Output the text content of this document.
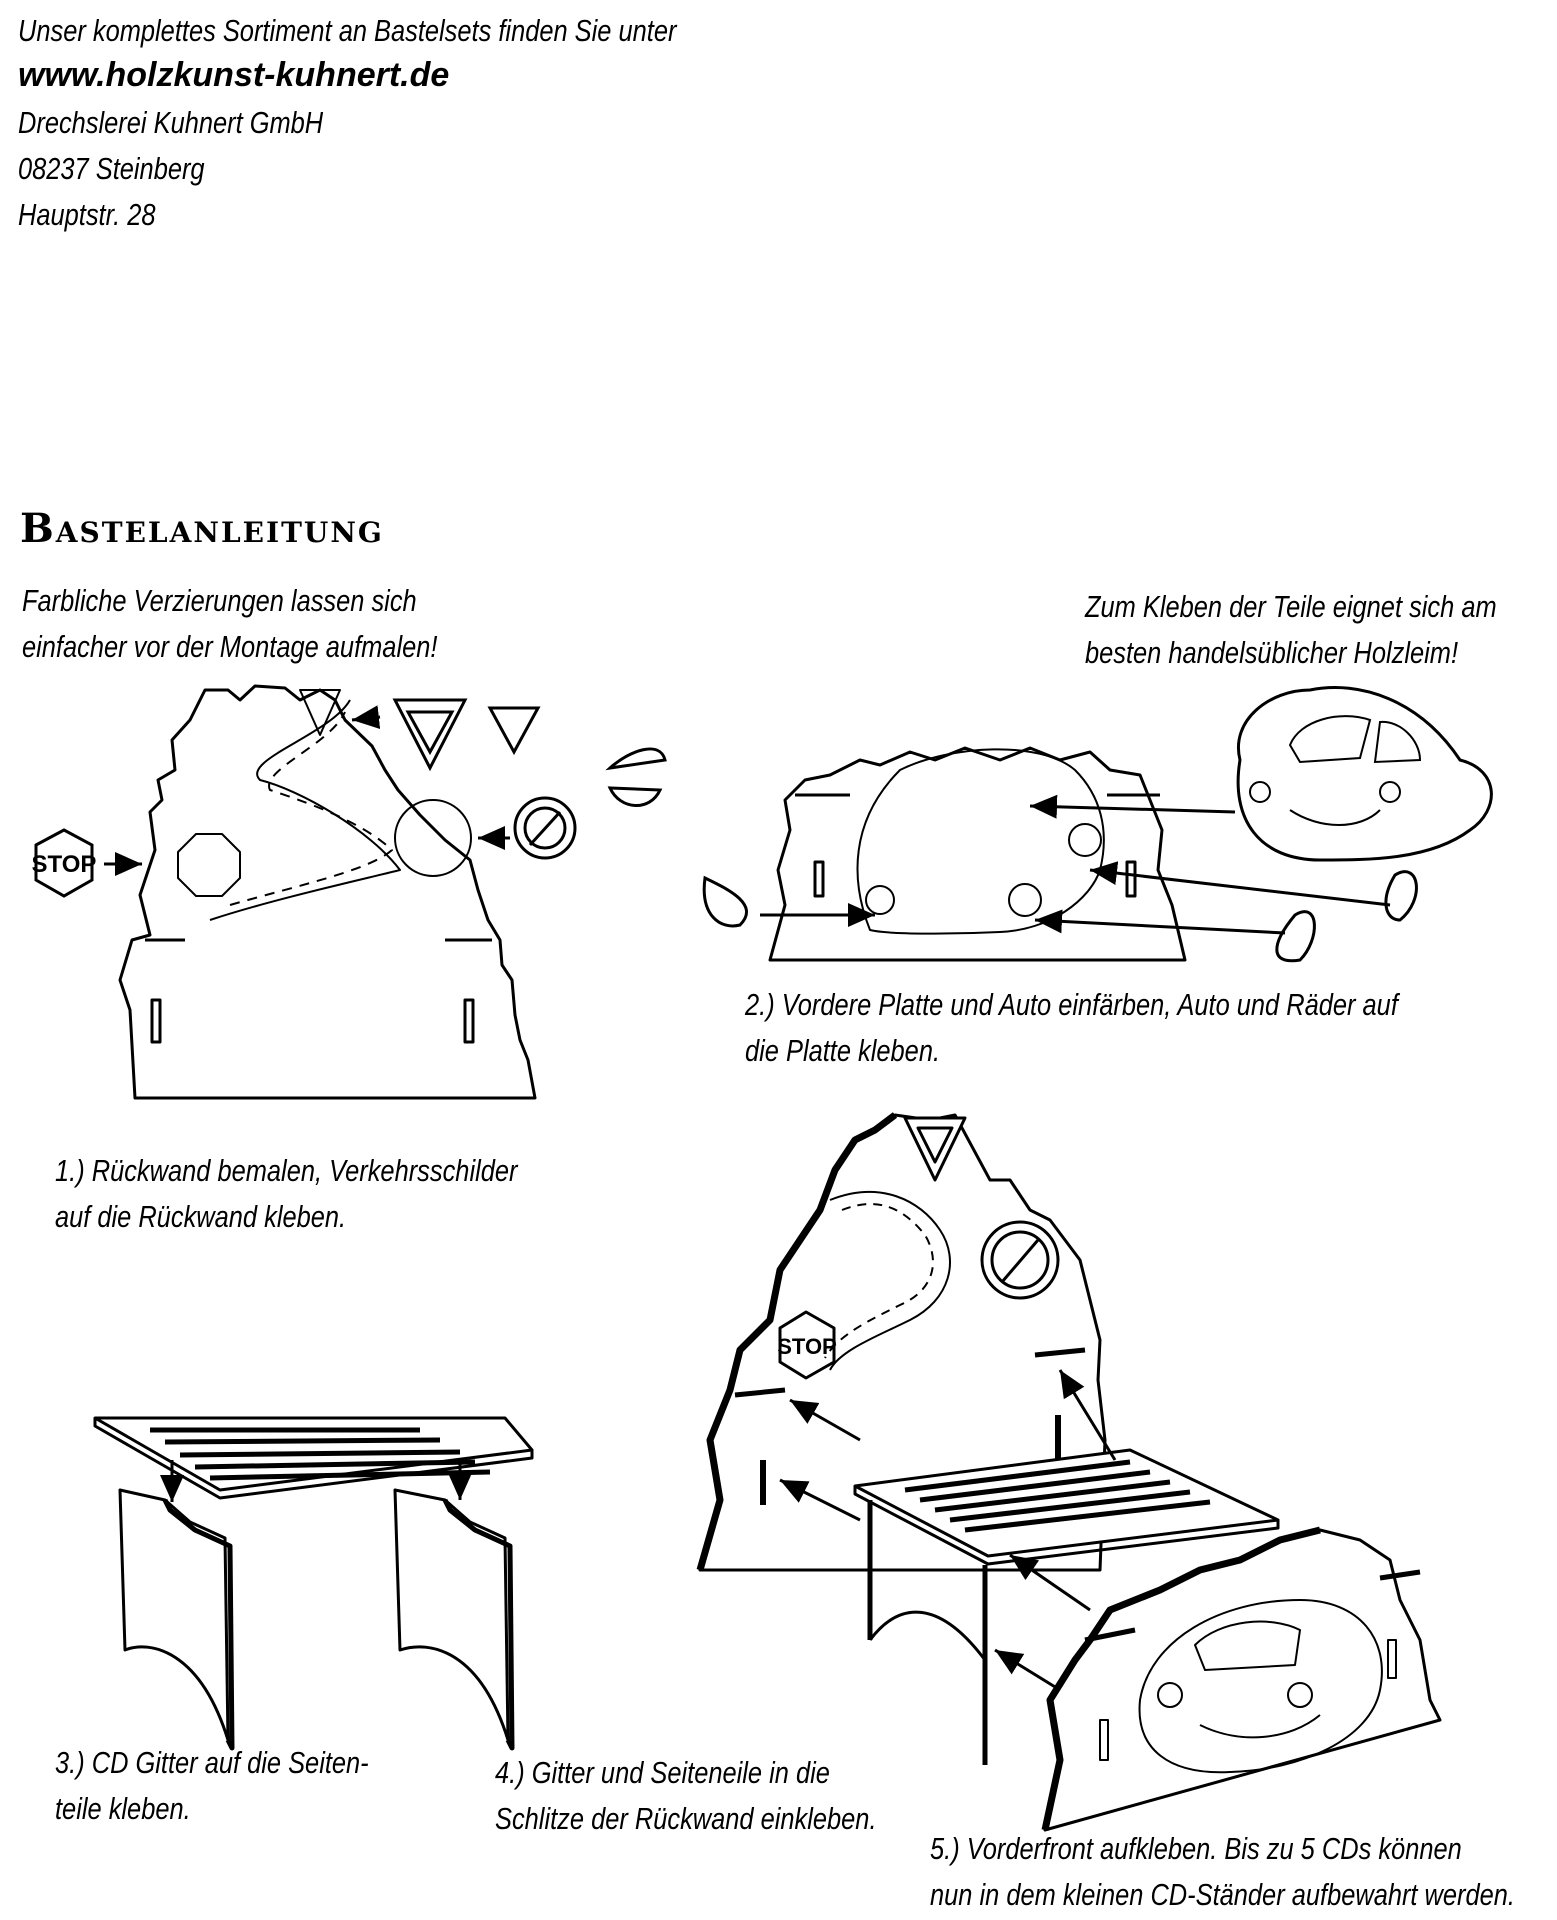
Unser komplettes Sortiment an Bastelsets finden Sie unter
www.holzkunst-kuhnert.de
Drechslerei Kuhnert GmbH
08237 Steinberg
Hauptstr. 28
Bastelanleitung
Farbliche Verzierungen lassen sich
einfacher vor der Montage aufmalen!
Zum Kleben der Teile eignet sich am
besten handelsüblicher Holzleim!
STOP
STOP
1.) Rückwand bemalen, Verkehrsschilder
auf die Rückwand kleben.
2.) Vordere Platte und Auto einfärben, Auto und Räder auf
die Platte kleben.
3.) CD Gitter auf die Seiten-
teile kleben.
4.) Gitter und Seiteneile in die
Schlitze der Rückwand einkleben.
5.) Vorderfront aufkleben. Bis zu 5 CDs können
nun in dem kleinen CD-Ständer aufbewahrt werden.
